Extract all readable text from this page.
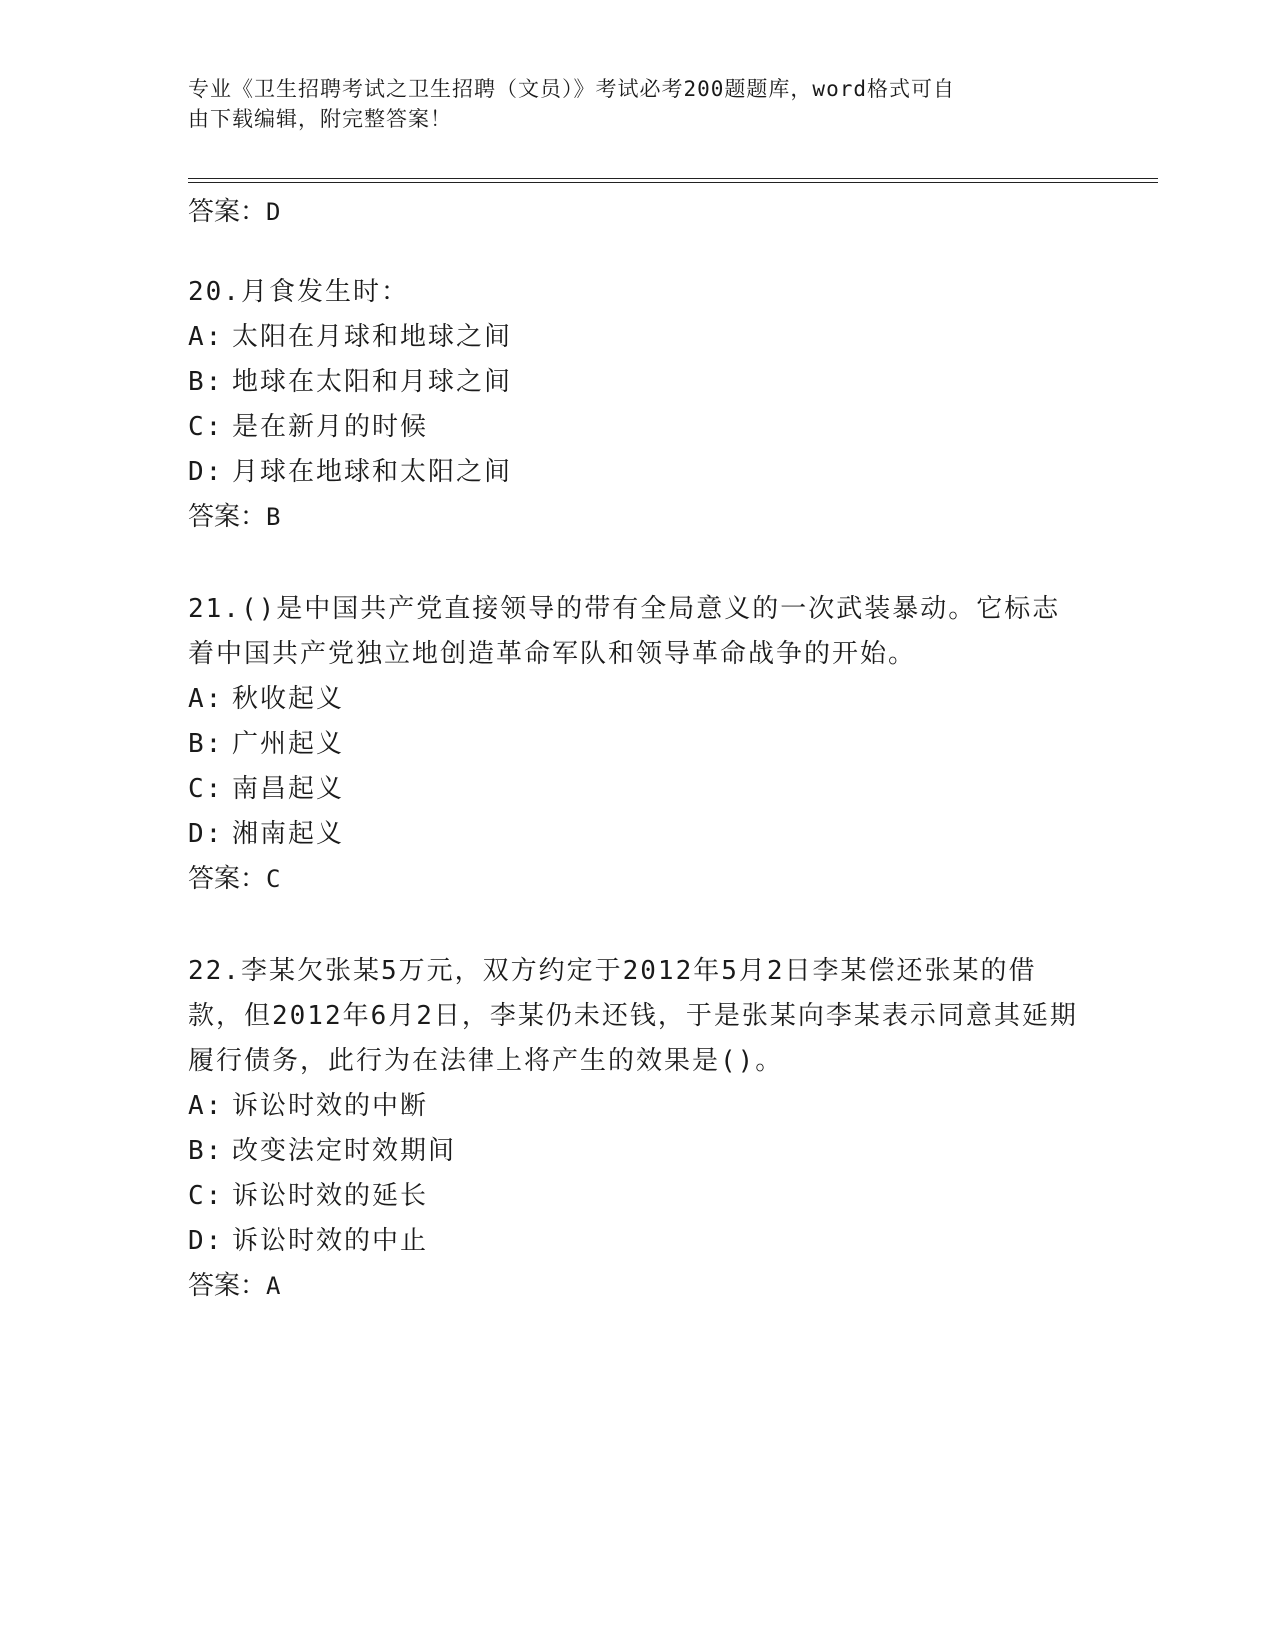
专业《卫生招聘考试之卫生招聘（文员）》考试必考200题题库，word格式可自
由下载编辑，附完整答案！
答案：D

20.月食发生时：

A: 太阳在月球和地球之间
B: 地球在太阳和月球之间
C: 是在新月的时候
D: 月球在地球和太阳之间
答案：B

21.()是中国共产党直接领导的带有全局意义的一次武装暴动。它标志着中国共产党独立地创造革命军队和领导革命战争的开始。

A: 秋收起义
B: 广州起义
C: 南昌起义
D: 湘南起义
答案：C

22.李某欠张某5万元，双方约定于2012年5月2日李某偿还张某的借款，但2012年6月2日，李某仍未还钱，于是张某向李某表示同意其延期履行债务，此行为在法律上将产生的效果是()。

A: 诉讼时效的中断
B: 改变法定时效期间
C: 诉讼时效的延长
D: 诉讼时效的中止
答案：A
